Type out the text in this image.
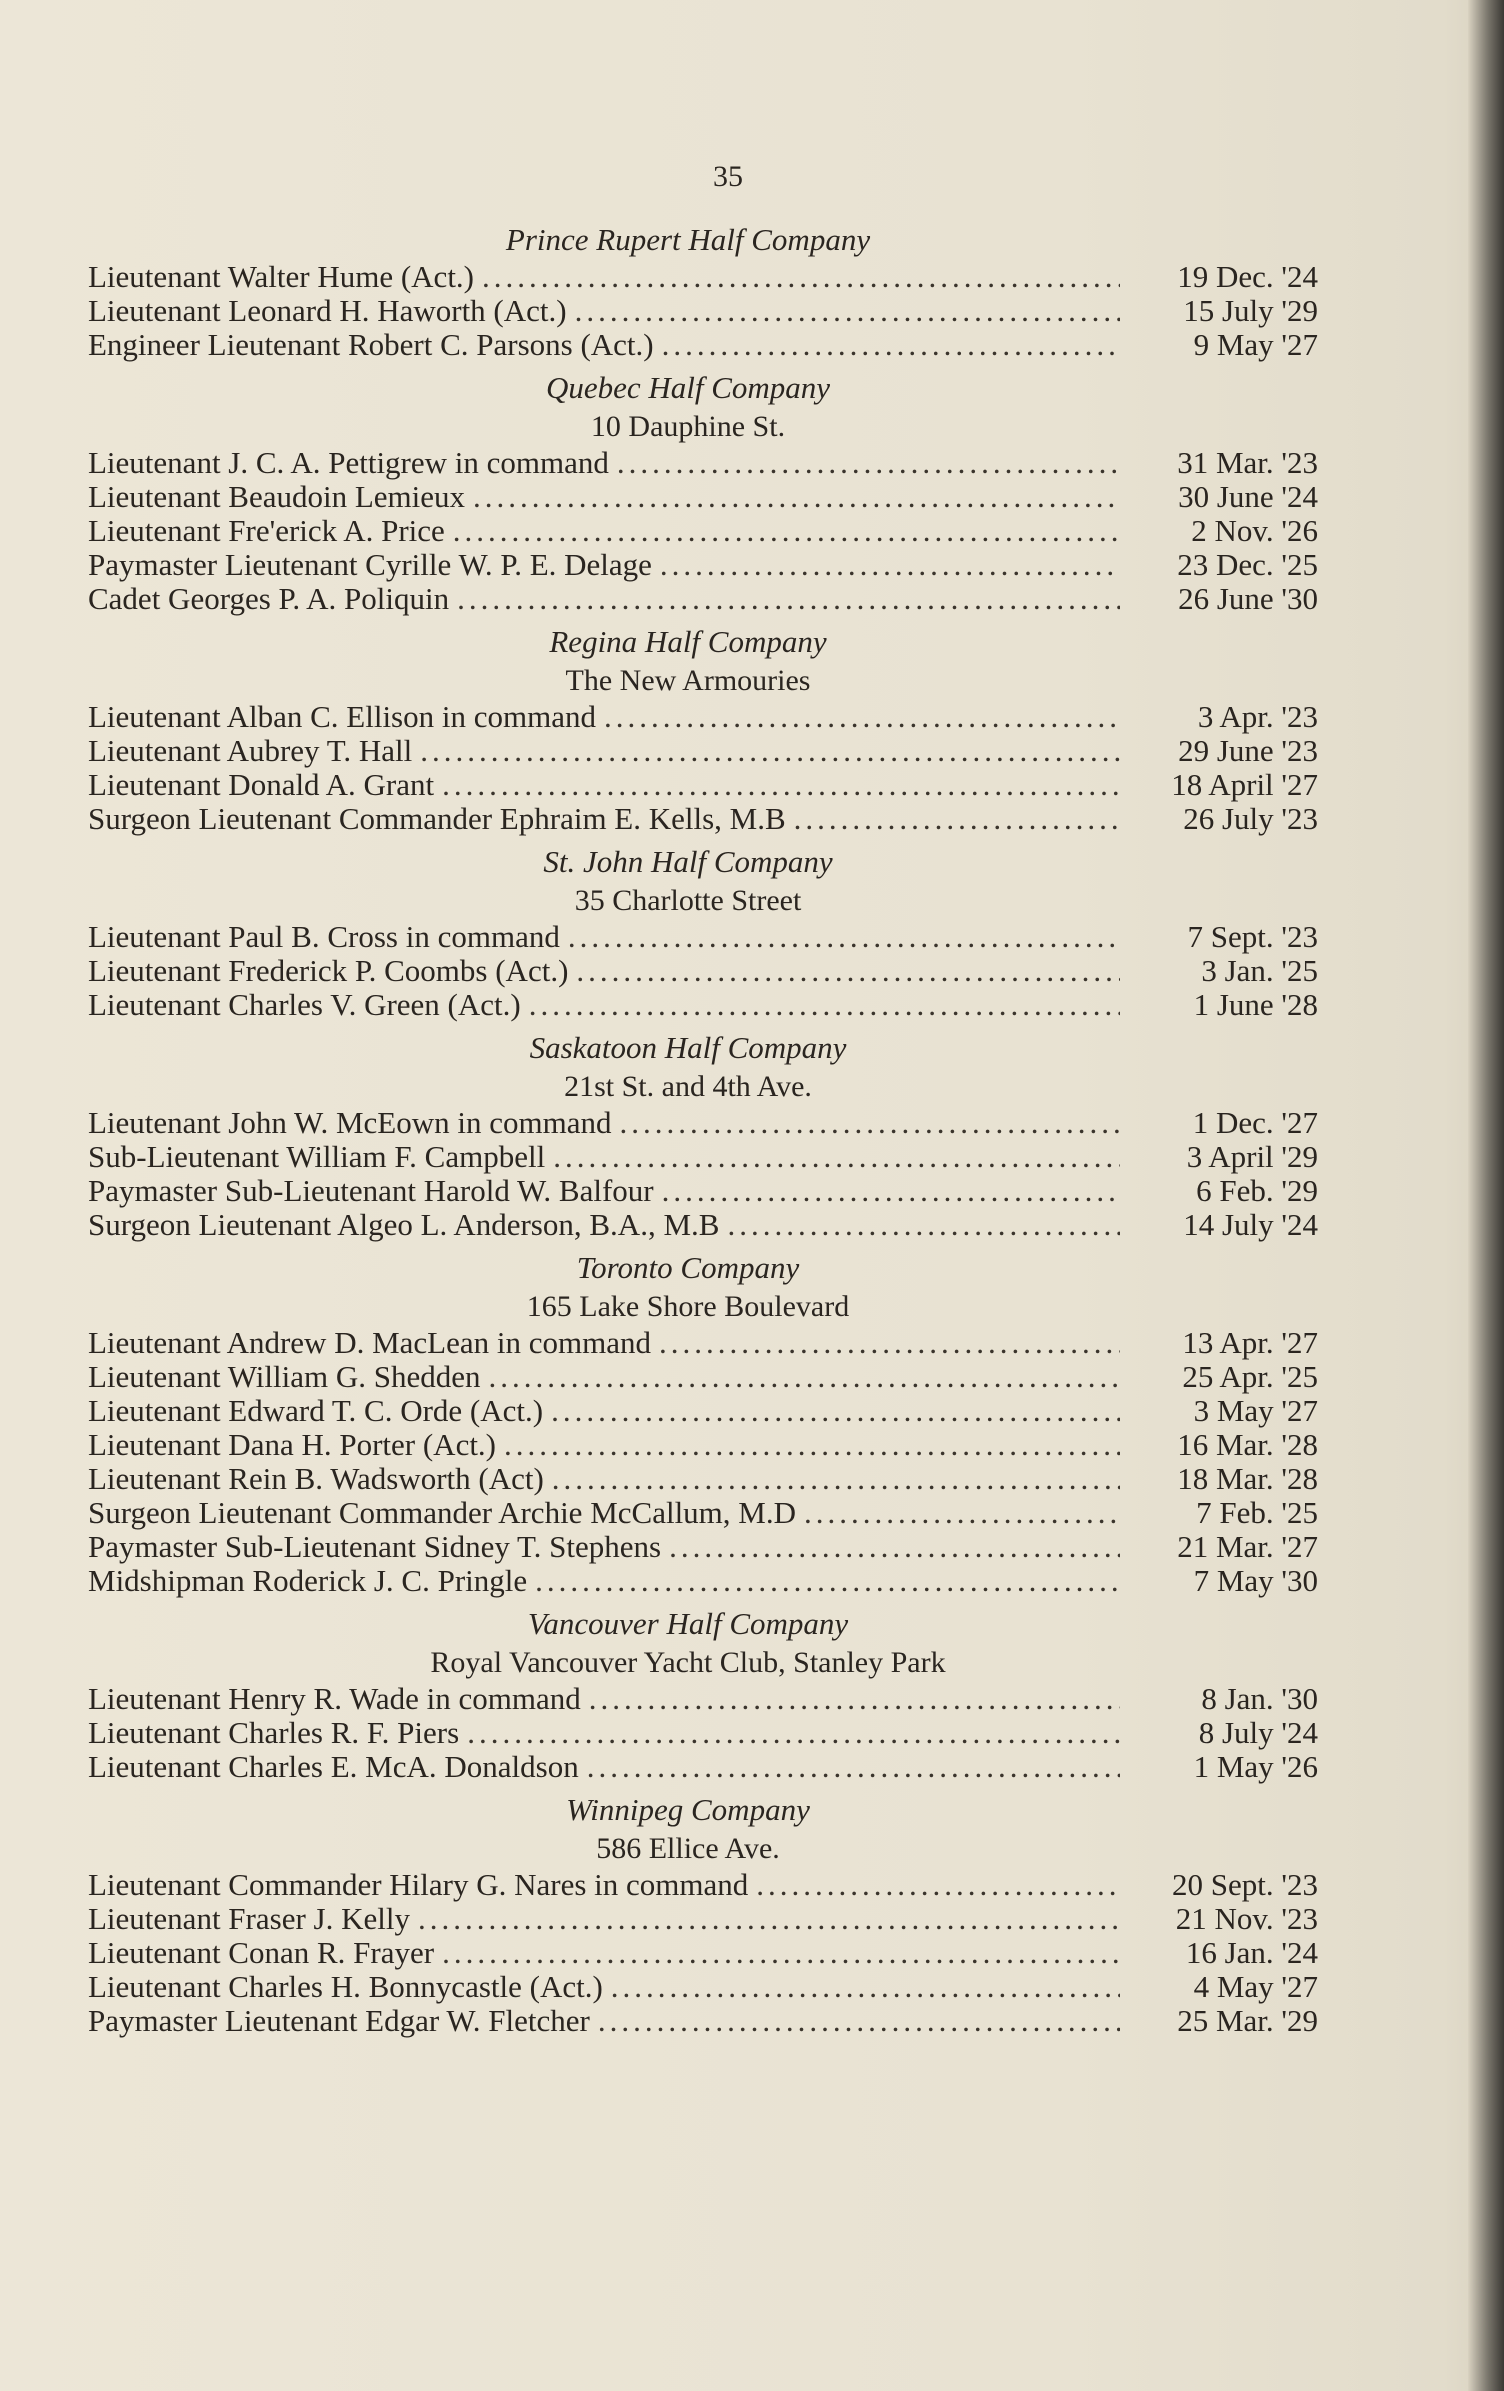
35
Prince Rupert Half Company
Lieutenant Walter Hume (Act.) .....	19 Dec. '24
Lieutenant Leonard H. Haworth (Act.) .....	15 July '29
Engineer Lieutenant Robert C. Parsons (Act.) .....	9 May '27
Quebec Half Company
10 Dauphine St.
Lieutenant J. C. A. Pettigrew in command .....	31 Mar. '23
Lieutenant Beaudoin Lemieux .....	30 June '24
Lieutenant Fre'erick A. Price .....	2 Nov. '26
Paymaster Lieutenant Cyrille W. P. E. Delage .....	23 Dec. '25
Cadet Georges P. A. Poliquin .....	26 June '30
Regina Half Company
The New Armouries
Lieutenant Alban C. Ellison in command .....	3 Apr. '23
Lieutenant Aubrey T. Hall .....	29 June '23
Lieutenant Donald A. Grant .....	18 April '27
Surgeon Lieutenant Commander Ephraim E. Kells, M.B .....	26 July '23
St. John Half Company
35 Charlotte Street
Lieutenant Paul B. Cross in command .....	7 Sept. '23
Lieutenant Frederick P. Coombs (Act.) .....	3 Jan. '25
Lieutenant Charles V. Green (Act.) .....	1 June '28
Saskatoon Half Company
21st St. and 4th Ave.
Lieutenant John W. McEown in command .....	1 Dec. '27
Sub-Lieutenant William F. Campbell .....	3 April '29
Paymaster Sub-Lieutenant Harold W. Balfour .....	6 Feb. '29
Surgeon Lieutenant Algeo L. Anderson, B.A., M.B .....	14 July '24
Toronto Company
165 Lake Shore Boulevard
Lieutenant Andrew D. MacLean in command .....	13 Apr. '27
Lieutenant William G. Shedden .....	25 Apr. '25
Lieutenant Edward T. C. Orde (Act.) .....	3 May '27
Lieutenant Dana H. Porter (Act.) .....	16 Mar. '28
Lieutenant Rein B. Wadsworth (Act) .....	18 Mar. '28
Surgeon Lieutenant Commander Archie McCallum, M.D .....	7 Feb. '25
Paymaster Sub-Lieutenant Sidney T. Stephens .....	21 Mar. '27
Midshipman Roderick J. C. Pringle .....	7 May '30
Vancouver Half Company
Royal Vancouver Yacht Club, Stanley Park
Lieutenant Henry R. Wade in command .....	8 Jan. '30
Lieutenant Charles R. F. Piers .....	8 July '24
Lieutenant Charles E. McA. Donaldson .....	1 May '26
Winnipeg Company
586 Ellice Ave.
Lieutenant Commander Hilary G. Nares in command .....	20 Sept. '23
Lieutenant Fraser J. Kelly .....	21 Nov. '23
Lieutenant Conan R. Frayer .....	16 Jan. '24
Lieutenant Charles H. Bonnycastle (Act.) .....	4 May '27
Paymaster Lieutenant Edgar W. Fletcher .....	25 Mar. '29
